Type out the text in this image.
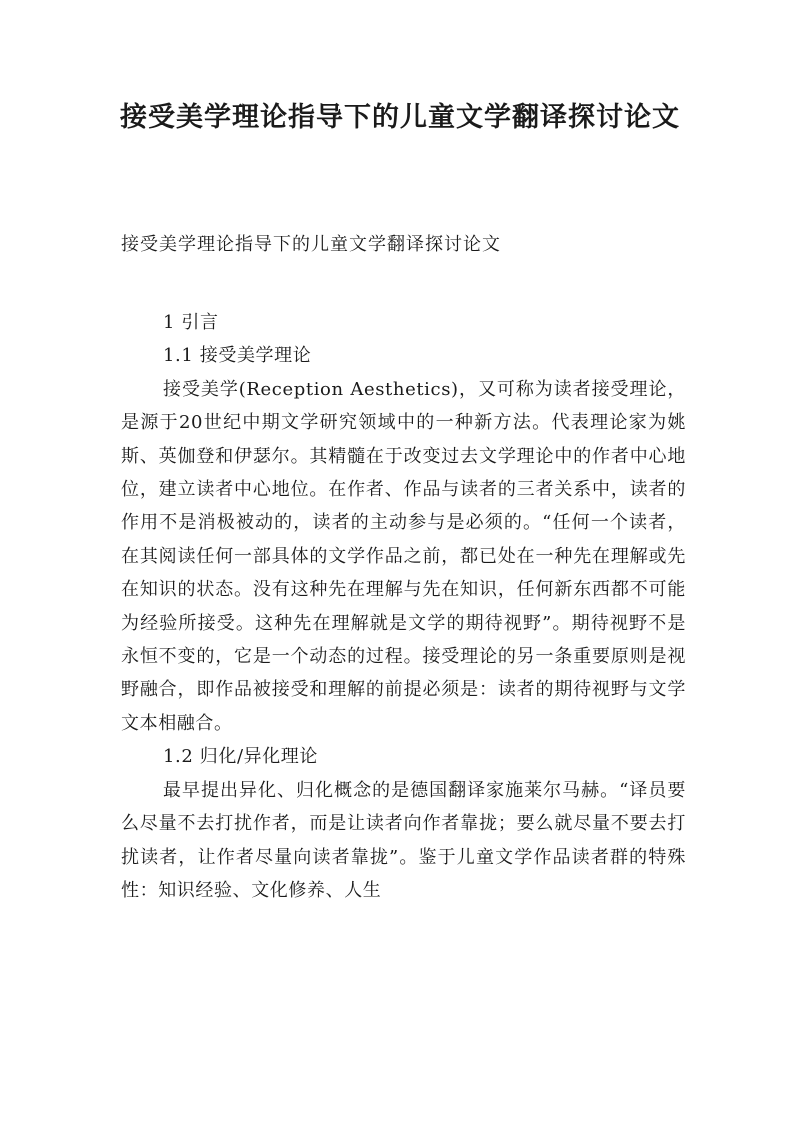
接受美学理论指导下的儿童文学翻译探讨论文

接受美学理论指导下的儿童文学翻译探讨论文

1 引言
1.1 接受美学理论

接受美学(Reception Aesthetics)，又可称为读者接受理论，是源于20世纪中期文学研究领域中的一种新方法。代表理论家为姚斯、英伽登和伊瑟尔。其精髓在于改变过去文学理论中的作者中心地位，建立读者中心地位。在作者、作品与读者的三者关系中，读者的作用不是消极被动的，读者的主动参与是必须的。“任何一个读者，在其阅读任何一部具体的文学作品之前，都已处在一种先在理解或先在知识的状态。没有这种先在理解与先在知识，任何新东西都不可能为经验所接受。这种先在理解就是文学的期待视野”。期待视野不是永恒不变的，它是一个动态的过程。接受理论的另一条重要原则是视野融合，即作品被接受和理解的前提必须是：读者的期待视野与文学文本相融合。

1.2 归化/异化理论

最早提出异化、归化概念的是德国翻译家施莱尔马赫。“译员要么尽量不去打扰作者，而是让读者向作者靠拢；要么就尽量不要去打扰读者，让作者尽量向读者靠拢”。鉴于儿童文学作品读者群的特殊性：知识经验、文化修养、人生
